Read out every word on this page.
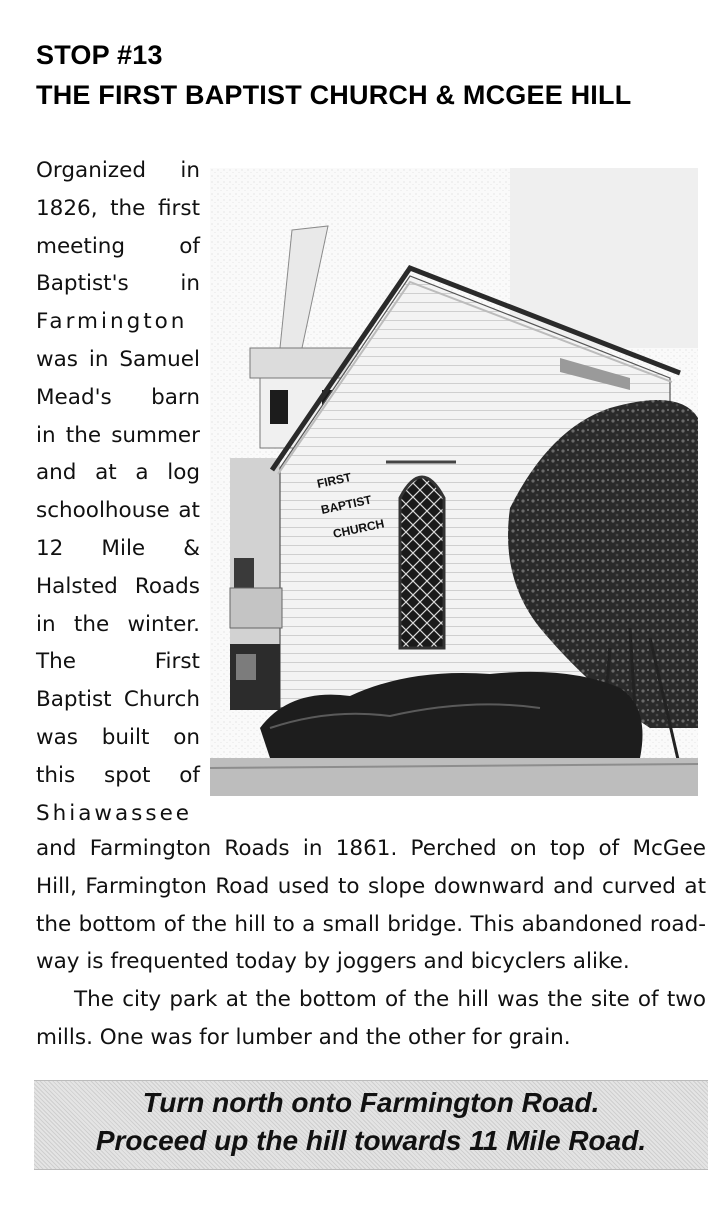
STOP #13
THE FIRST BAPTIST CHURCH & MCGEE HILL
Organized in
1826, the first
meeting of
Baptist's in
Farmington
was in Samuel
Mead's barn
in the summer
and at a log
schoolhouse at
12 Mile &
Halsted Roads
in the winter.
The First
Baptist Church
was built on
this spot of
Shiawassee
FIRST
BAPTIST
CHURCH
and Farmington Roads in 1861. Perched on top of McGee
Hill, Farmington Road used to slope downward and curved at
the bottom of the hill to a small bridge. This abandoned road-
way is frequented today by joggers and bicyclers alike.
The city park at the bottom of the hill was the site of two
mills. One was for lumber and the other for grain.
Turn north onto Farmington Road.
Proceed up the hill towards 11 Mile Road.
